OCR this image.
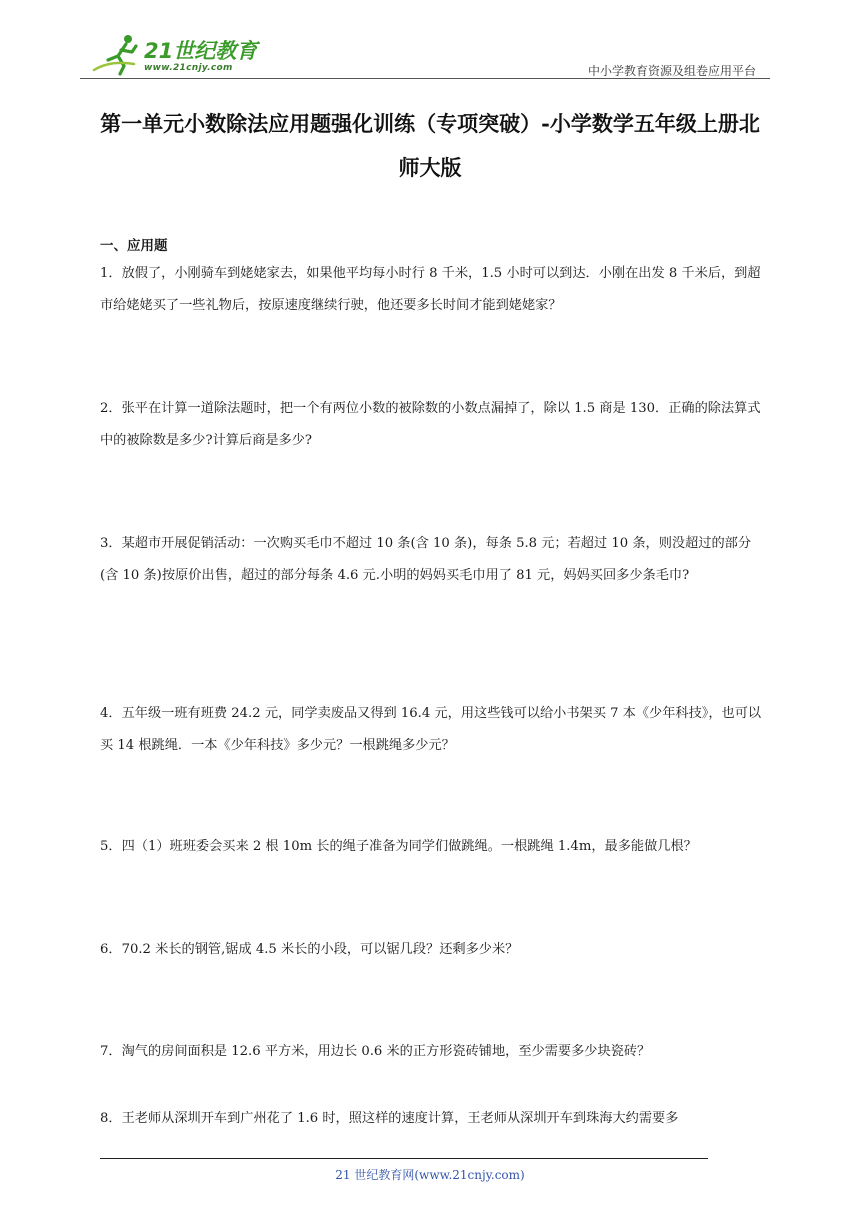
21世纪教育
www.21cnjy.com	中小学教育资源及组卷应用平台
第一单元小数除法应用题强化训练（专项突破）-小学数学五年级上册北师大版
一、应用题
1．放假了，小刚骑车到姥姥家去，如果他平均每小时行 8 千米，1.5 小时可以到达．小刚在出发 8 千米后，到超市给姥姥买了一些礼物后，按原速度继续行驶，他还要多长时间才能到姥姥家？
2．张平在计算一道除法题时，把一个有两位小数的被除数的小数点漏掉了，除以 1.5 商是 130．正确的除法算式中的被除数是多少?计算后商是多少?
3．某超市开展促销活动：一次购买毛巾不超过 10 条(含 10 条)，每条 5.8 元；若超过 10 条，则没超过的部分(含 10 条)按原价出售，超过的部分每条 4.6 元.小明的妈妈买毛巾用了 81 元，妈妈买回多少条毛巾?
4．五年级一班有班费 24.2 元，同学卖废品又得到 16.4 元，用这些钱可以给小书架买 7 本《少年科技》，也可以买 14 根跳绳．一本《少年科技》多少元？一根跳绳多少元？
5．四（1）班班委会买来 2 根 10m 长的绳子准备为同学们做跳绳。一根跳绳 1.4m，最多能做几根？
6．70.2 米长的钢管,锯成 4.5 米长的小段，可以锯几段？还剩多少米？
7．淘气的房间面积是 12.6 平方米，用边长 0.6 米的正方形瓷砖铺地，至少需要多少块瓷砖？
8．王老师从深圳开车到广州花了 1.6 时，照这样的速度计算，王老师从深圳开车到珠海大约需要多
21 世纪教育网(www.21cnjy.com)
